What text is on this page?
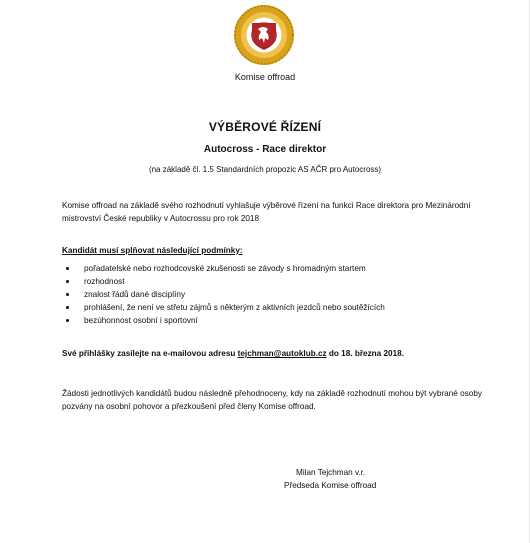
Komise offroad
VÝBĚROVÉ ŘÍZENÍ
Autocross - Race direktor
(na základě čl. 1.5 Standardních propozic AS AČR pro Autocross)
Komise offroad na základě svého rozhodnutí vyhlašuje výběrové řízení na funkci Race direktora pro Mezinárodní mistrovství České republiky v Autocrossu pro rok 2018
Kandidát musí splňovat následující podmínky:
pořadatelské nebo rozhodcovské zkušenosti se závody s hromadným startem
rozhodnost
znalost řádů dané disciplíny
prohlášení, že není ve střetu zájmů s některým z aktivních jezdců nebo soutěžících
bezúhonnost osobní i sportovní
Své přihlášky zasílejte na e-mailovou adresu tejchman@autoklub.cz do 18. března 2018.
Žádosti jednotlivých kandidátů budou následně přehodnoceny, kdy na základě rozhodnutí mohou být vybrané osoby pozvány na osobní pohovor a přezkoušení před členy Komise offroad.
Milan Tejchman v.r.
Předseda Komise offroad
